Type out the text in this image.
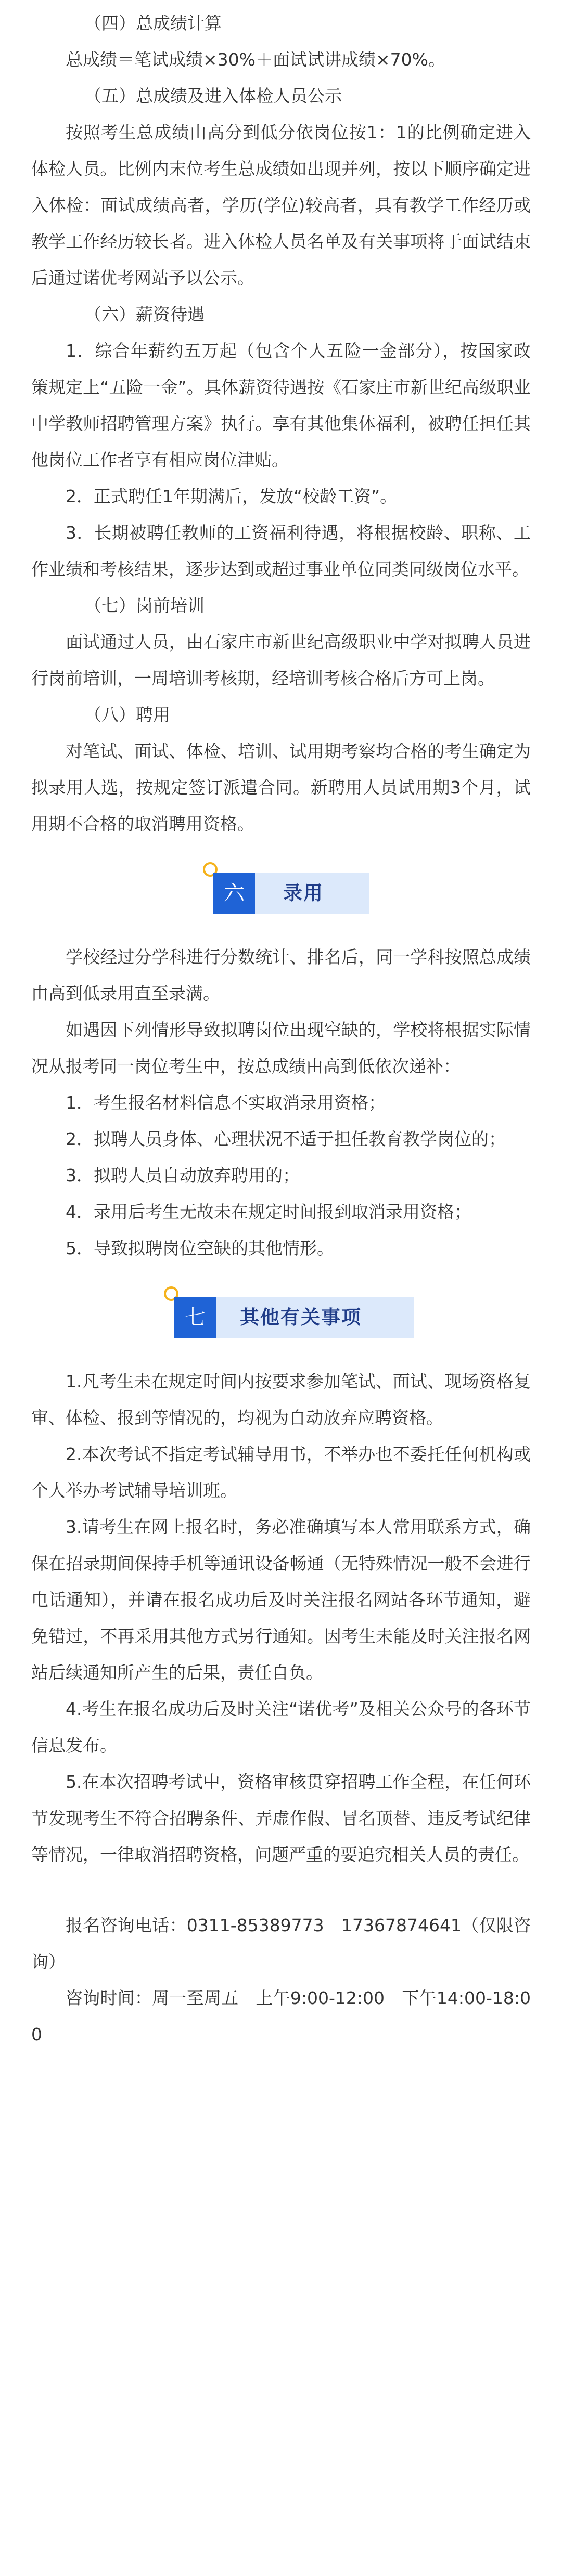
（四）总成绩计算

总成绩＝笔试成绩×30%＋面试试讲成绩×70%。

（五）总成绩及进入体检人员公示

按照考生总成绩由高分到低分依岗位按1：1的比例确定进入体检人员。比例内末位考生总成绩如出现并列，按以下顺序确定进入体检：面试成绩高者，学历(学位)较高者，具有教学工作经历或教学工作经历较长者。进入体检人员名单及有关事项将于面试结束后通过诺优考网站予以公示。

（六）薪资待遇

1．综合年薪约五万起（包含个人五险一金部分），按国家政策规定上“五险一金”。具体薪资待遇按《石家庄市新世纪高级职业中学教师招聘管理方案》执行。享有其他集体福利，被聘任担任其他岗位工作者享有相应岗位津贴。

2．正式聘任1年期满后，发放“校龄工资”。

3．长期被聘任教师的工资福利待遇，将根据校龄、职称、工作业绩和考核结果，逐步达到或超过事业单位同类同级岗位水平。

（七）岗前培训

面试通过人员，由石家庄市新世纪高级职业中学对拟聘人员进行岗前培训，一周培训考核期，经培训考核合格后方可上岗。

（八）聘用

对笔试、面试、体检、培训、试用期考察均合格的考生确定为拟录用人选，按规定签订派遣合同。新聘用人员试用期3个月，试用期不合格的取消聘用资格。

录用
六

学校经过分学科进行分数统计、排名后，同一学科按照总成绩由高到低录用直至录满。

如遇因下列情形导致拟聘岗位出现空缺的，学校将根据实际情况从报考同一岗位考生中，按总成绩由高到低依次递补：

1．考生报名材料信息不实取消录用资格；

2．拟聘人员身体、心理状况不适于担任教育教学岗位的；

3．拟聘人员自动放弃聘用的；

4．录用后考生无故未在规定时间报到取消录用资格；

5．导致拟聘岗位空缺的其他情形。

其他有关事项
七

1.凡考生未在规定时间内按要求参加笔试、面试、现场资格复审、体检、报到等情况的，均视为自动放弃应聘资格。

2.本次考试不指定考试辅导用书，不举办也不委托任何机构或个人举办考试辅导培训班。

3.请考生在网上报名时，务必准确填写本人常用联系方式，确保在招录期间保持手机等通讯设备畅通（无特殊情况一般不会进行电话通知），并请在报名成功后及时关注报名网站各环节通知，避免错过，不再采用其他方式另行通知。因考生未能及时关注报名网站后续通知所产生的后果，责任自负。

4.考生在报名成功后及时关注“诺优考”及相关公众号的各环节信息发布。

5.在本次招聘考试中，资格审核贯穿招聘工作全程，在任何环节发现考生不符合招聘条件、弄虚作假、冒名顶替、违反考试纪律等情况，一律取消招聘资格，问题严重的要追究相关人员的责任。

报名咨询电话：0311-85389773　17367874641（仅限咨询）

咨询时间：周一至周五　上午9:00-12:00　下午14:00-18:00
